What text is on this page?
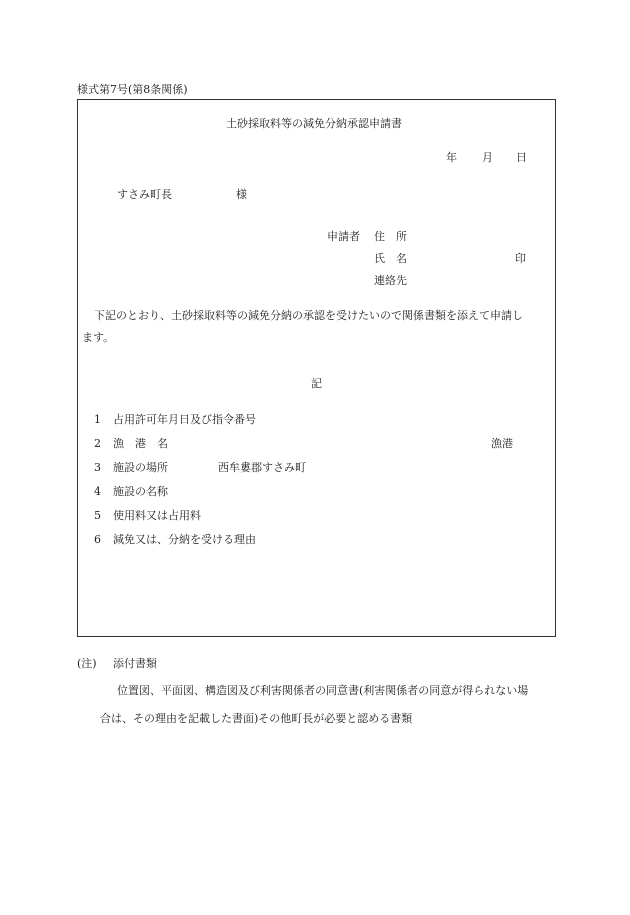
様式第7号(第8条関係)
土砂採取料等の減免分納承認申請書
年 月 日
すさみ町長	様
申請者 住　所
氏　名	印
連絡先
下記のとおり、土砂採取料等の減免分納の承認を受けたいので関係書類を添えて申請し
ます。
記
1 占用許可年月日及び指令番号
2 漁　港　名	漁港
3 施設の場所	西牟婁郡すさみ町
4 施設の名称
5 使用料又は占用料
6 減免又は、分納を受ける理由
(注) 添付書類
位置図、平面図、構造図及び利害関係者の同意書(利害関係者の同意が得られない場
合は、その理由を記載した書面)その他町長が必要と認める書類
